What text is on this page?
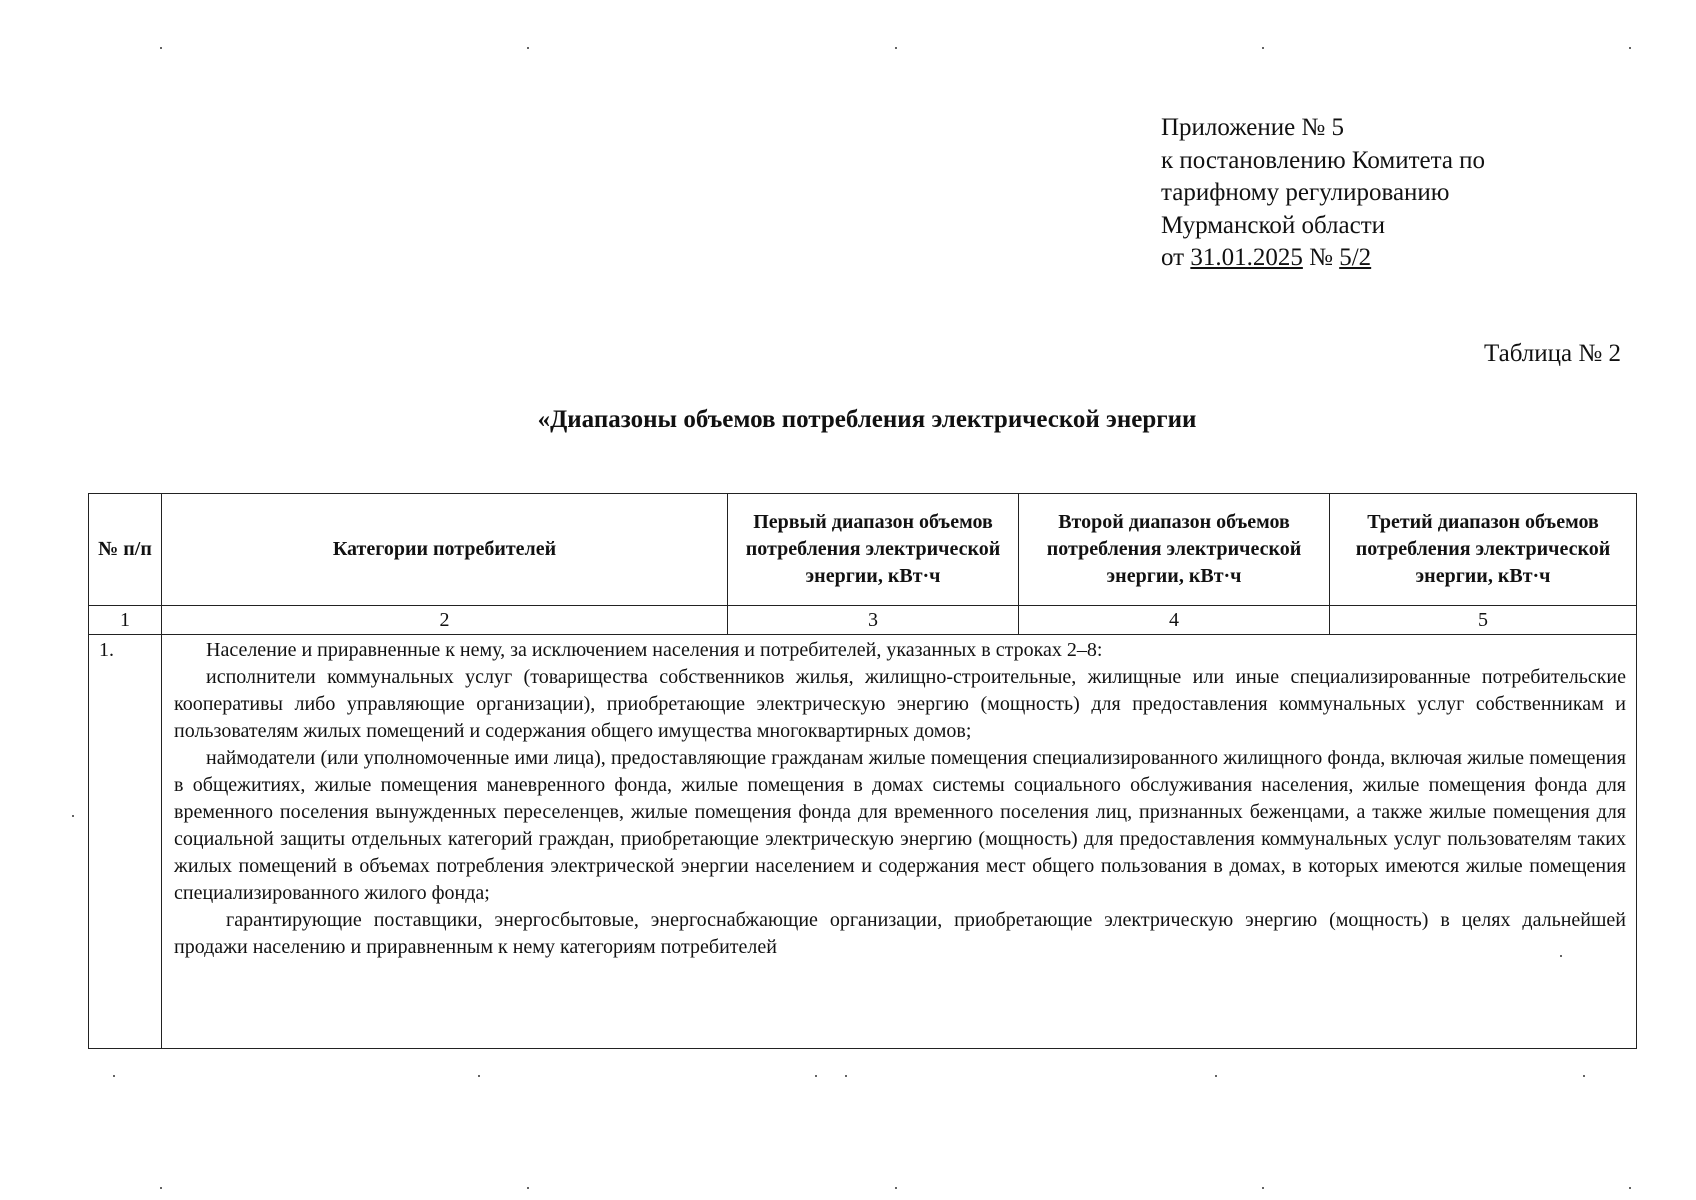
Приложение № 5
к постановлению Комитета по
тарифному регулированию
Мурманской области
от 31.01.2025 № 5/2
Таблица № 2
«Диапазоны объемов потребления электрической энергии
№ п/п	Категории потребителей	Первый диапазон объемов потребления электрической энергии, кВт·ч	Второй диапазон объемов потребления электрической энергии, кВт·ч	Третий диапазон объемов потребления электрической энергии, кВт·ч
1	2	3	4	5
1.	Население и приравненные к нему, за исключением населения и потребителей, указанных в строках 2–8:

исполнители коммунальных услуг (товарищества собственников жилья, жилищно-строительные, жилищные или иные специализированные потребительские кооперативы либо управляющие организации), приобретающие электрическую энергию (мощность) для предоставления коммунальных услуг собственникам и пользователям жилых помещений и содержания общего имущества многоквартирных домов;

наймодатели (или уполномоченные ими лица), предоставляющие гражданам жилые помещения специализированного жилищного фонда, включая жилые помещения в общежитиях, жилые помещения маневренного фонда, жилые помещения в домах системы социального обслуживания населения, жилые помещения фонда для временного поселения вынужденных переселенцев, жилые помещения фонда для временного поселения лиц, признанных беженцами, а также жилые помещения для социальной защиты отдельных категорий граждан, приобретающие электрическую энергию (мощность) для предоставления коммунальных услуг пользователям таких жилых помещений в объемах потребления электрической энергии населением и содержания мест общего пользования в домах, в которых имеются жилые помещения специализированного жилого фонда;

гарантирующие поставщики, энергосбытовые, энергоснабжающие организации, приобретающие электрическую энергию (мощность) в целях дальнейшей продажи населению и приравненным к нему категориям потребителей			
